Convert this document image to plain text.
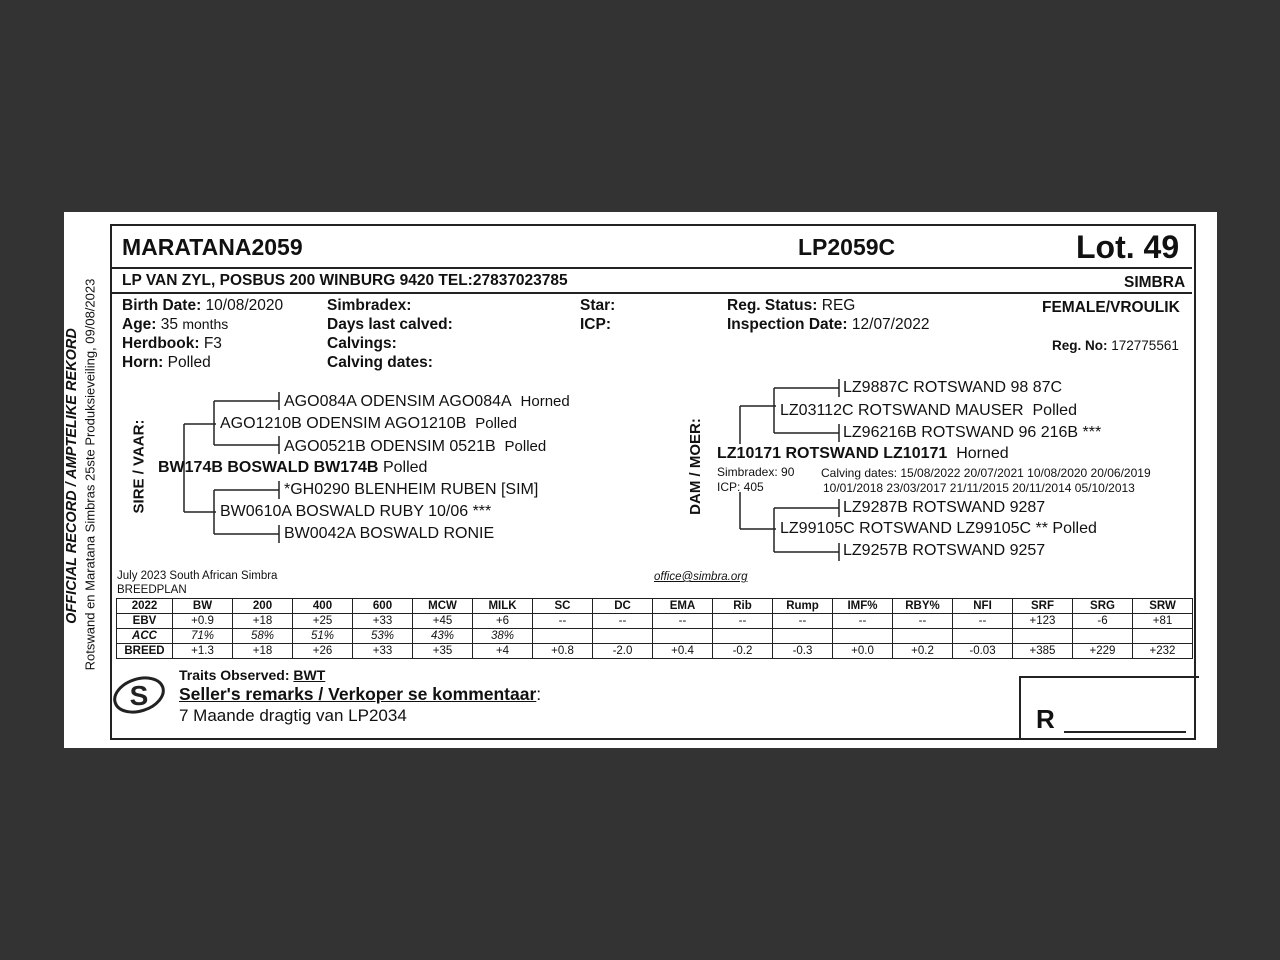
OFFICIAL RECORD / AMPTELIKE REKORD Rotswand en Maratana Simbras 25ste Produksieveiling, 09/08/2023
MARATANA2059	LP2059C	Lot. 49
LP VAN ZYL, POSBUS 200 WINBURG 9420 TEL:27837023785	SIMBRA
Birth Date: 10/08/2020
Age: 35 months
Herdbook: F3
Horn: Polled
Simbradex:
Days last calved:
Calvings:
Calving dates:
Star:
ICP:
Reg. Status: REG
Inspection Date: 12/07/2022
FEMALE/VROULIK
Reg. No: 172775561
SIRE / VAAR:
AGO084A ODENSIM AGO084A Horned
AGO1210B ODENSIM AGO1210B Polled
AGO0521B ODENSIM 0521B Polled
BW174B BOSWALD BW174B Polled
*GH0290 BLENHEIM RUBEN [SIM]
BW0610A BOSWALD RUBY 10/06 ***
BW0042A BOSWALD RONIE
DAM / MOER:
LZ9887C ROTSWAND 98 87C
LZ03112C ROTSWAND MAUSER Polled
LZ96216B ROTSWAND 96 216B ***
LZ10171 ROTSWAND LZ10171 Horned
Simbradex: 90
ICP: 405
Calving dates: 15/08/2022 20/07/2021 10/08/2020 20/06/2019
10/01/2018 23/03/2017 21/11/2015 20/11/2014 05/10/2013
LZ9287B ROTSWAND 9287
LZ99105C ROTSWAND LZ99105C ** Polled
LZ9257B ROTSWAND 9257
July 2023 South African Simbra
BREEDPLAN
office@simbra.org
2022	BW	200	400	600	MCW	MILK	SC	DC	EMA	Rib	Rump	IMF%	RBY%	NFI	SRF	SRG	SRW
EBV	+0.9	+18	+25	+33	+45	+6	--	--	--	--	--	--	--	--	+123	-6	+81
ACC	71%	58%	51%	53%	43%	38%											
BREED	+1.3	+18	+26	+33	+35	+4	+0.8	-2.0	+0.4	-0.2	-0.3	+0.0	+0.2	-0.03	+385	+229	+232
S
Traits Observed: BWT
Seller's remarks / Verkoper se kommentaar:
7 Maande dragtig van LP2034	R
